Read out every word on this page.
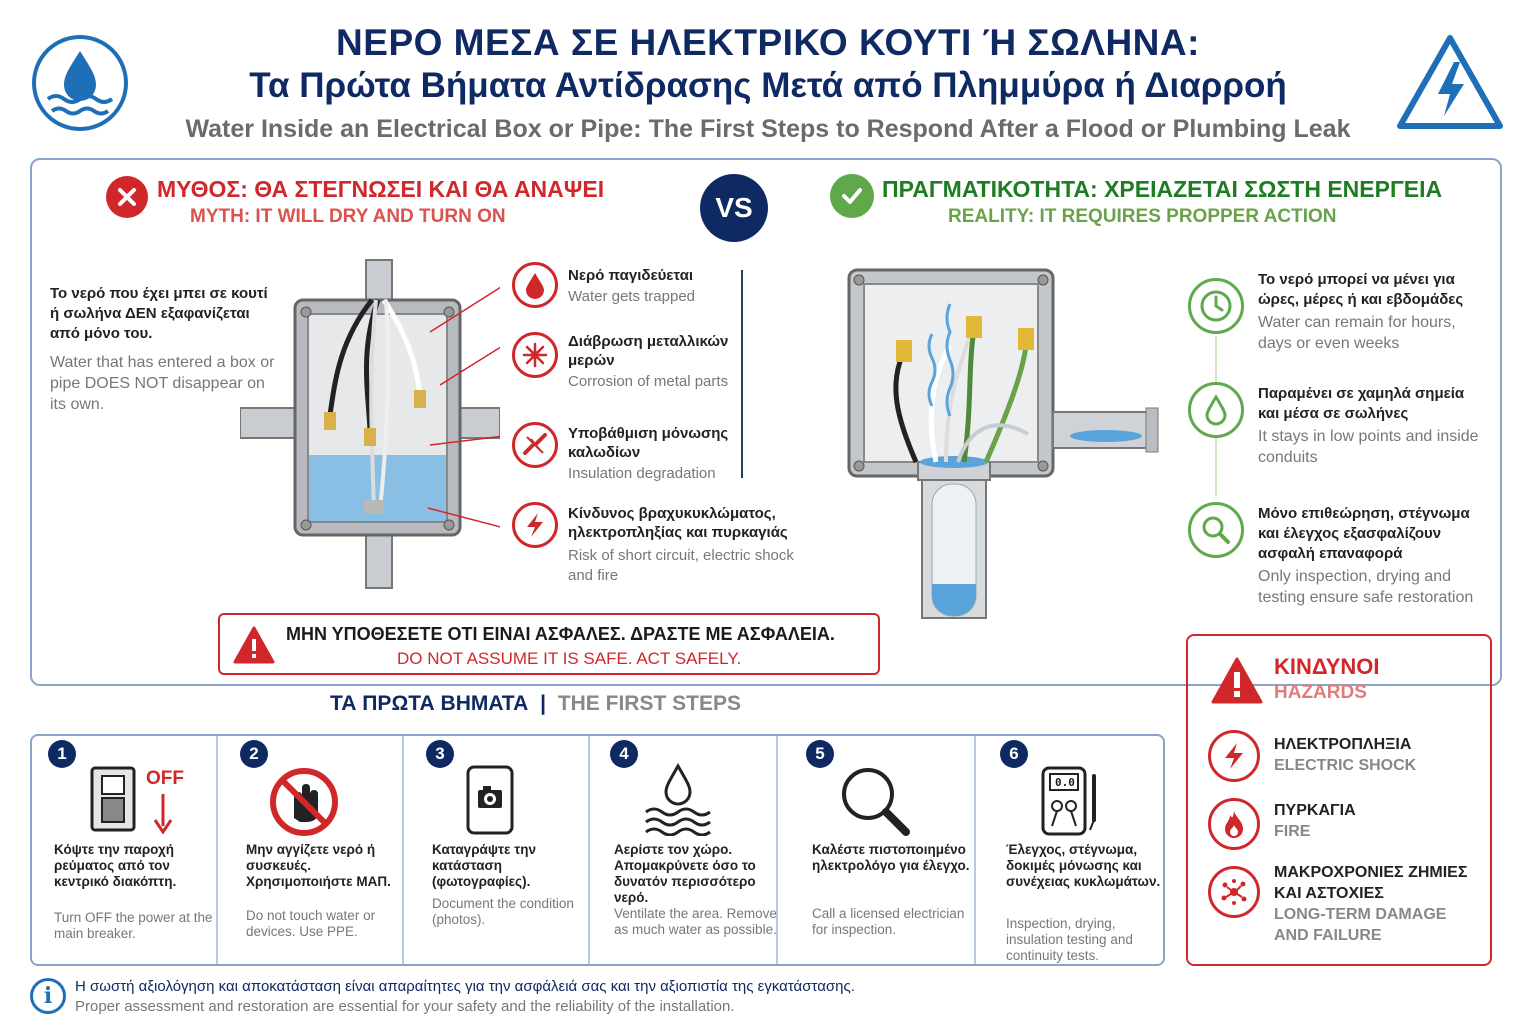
ΝΕΡΟ ΜΕΣΑ ΣΕ ΗΛΕΚΤΡΙΚΟ ΚΟΥΤΙ Ή ΣΩΛΗΝΑ:
Τα Πρώτα Βήματα Αντίδρασης Μετά από Πλημμύρα ή Διαρροή
Water Inside an Electrical Box or Pipe: The First Steps to Respond After a Flood or Plumbing Leak
ΜΥΘΟΣ: ΘΑ ΣΤΕΓΝΩΣΕΙ ΚΑΙ ΘΑ ΑΝΑΨΕΙ
MYTH: IT WILL DRY AND TURN ON	VS
ΠΡΑΓΜΑΤΙΚΟΤΗΤΑ: ΧΡΕΙΑΖΕΤΑΙ ΣΩΣΤΗ ΕΝΕΡΓΕΙΑ
REALITY: IT REQUIRES PROPPER ACTION
Το νερό που έχει μπει σε κουτί ή σωλήνα ΔΕΝ εξαφανίζεται από μόνο του.
Water that has entered a box or pipe DOES NOT disappear on its own.
Νερό παγιδεύεται
Water gets trapped
Διάβρωση μεταλλικών μερών
Corrosion of metal parts
Υποβάθμιση μόνωσης καλωδίων
Insulation degradation
Κίνδυνος βραχυκυκλώματος, ηλεκτροπληξίας και πυρκαγιάς
Risk of short circuit, electric shock and fire
Το νερό μπορεί να μένει για ώρες, μέρες ή και εβδομάδες
Water can remain for hours, days or even weeks
Παραμένει σε χαμηλά σημεία και μέσα σε σωλήνες
It stays in low points and inside conduits
Μόνο επιθεώρηση, στέγνωμα και έλεγχος εξασφαλίζουν ασφαλή επαναφορά
Only inspection, drying and testing ensure safe restoration
ΜΗΝ ΥΠΟΘΕΣΕΤΕ ΟΤΙ ΕΙΝΑΙ ΑΣΦΑΛΕΣ. ΔΡΑΣΤΕ ΜΕ ΑΣΦΑΛΕΙΑ.
DO NOT ASSUME IT IS SAFE. ACT SAFELY.
ΤΑ ΠΡΩΤΑ ΒΗΜΑΤΑ | THE FIRST STEPS
1
OFF
Κόψτε την παροχή ρεύματος από τον κεντρικό διακόπτη.
Turn OFF the power at the main breaker.
2
Μην αγγίζετε νερό ή συσκευές. Χρησιμοποιήστε ΜΑΠ.
Do not touch water or devices. Use PPE.
3
Καταγράψτε την κατάσταση (φωτογραφίες).
Document the condition (photos).
4
Αερίστε τον χώρο. Απομακρύνετε όσο το δυνατόν περισσότερο νερό.
Ventilate the area. Remove as much water as possible.
5
Καλέστε πιστοποιημένο ηλεκτρολόγο για έλεγχο.
Call a licensed electrician for inspection.
6
0.0
Έλεγχος, στέγνωμα, δοκιμές μόνωσης και συνέχειας κυκλωμάτων.
Inspection, drying, insulation testing and continuity tests.
ΚΙΝΔΥΝΟΙ
HAZARDS
ΗΛΕΚΤΡΟΠΛΗΞΙΑ
ELECTRIC SHOCK
ΠΥΡΚΑΓΙΑ
FIRE
ΜΑΚΡΟΧΡΟΝΙΕΣ ΖΗΜΙΕΣ ΚΑΙ ΑΣΤΟΧΙΕΣ
LONG-TERM DAMAGE AND FAILURE
i Η σωστή αξιολόγηση και αποκατάσταση είναι απαραίτητες για την ασφάλειά σας και την αξιοπιστία της εγκατάστασης.
Proper assessment and restoration are essential for your safety and the reliability of the installation.
